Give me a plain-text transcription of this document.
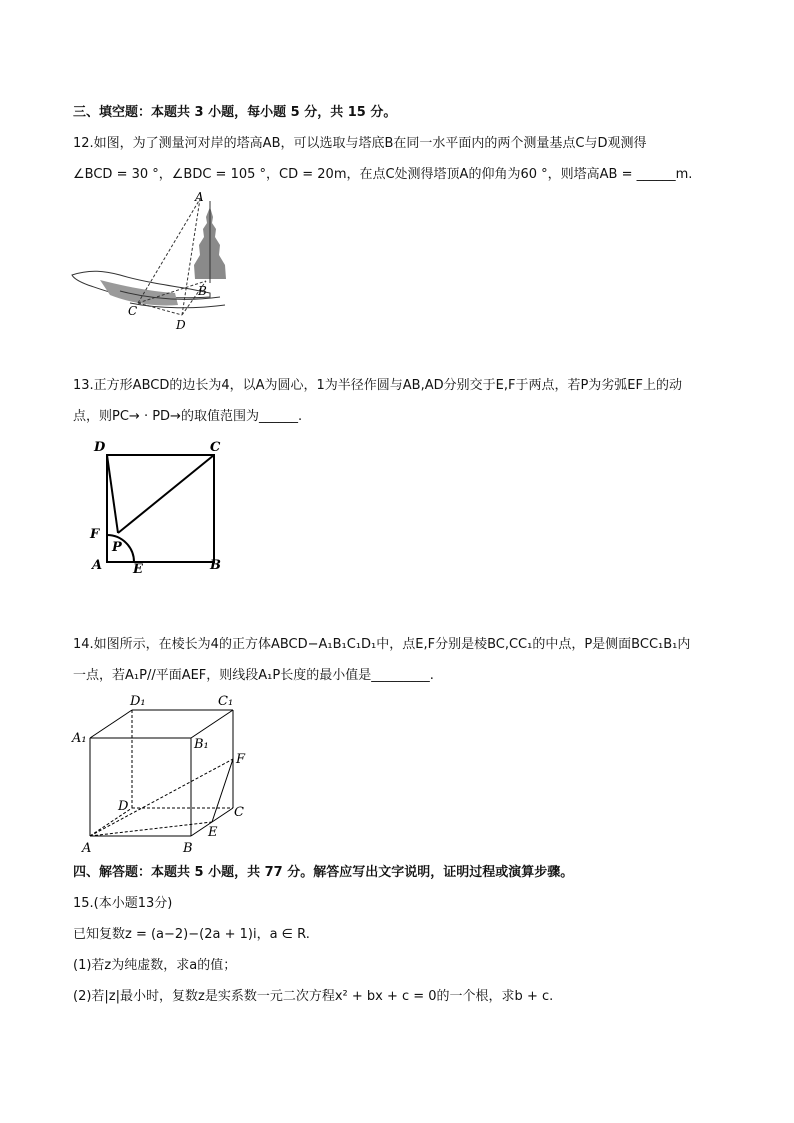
三、填空题：本题共 3 小题，每小题 5 分，共 15 分。
12.如图，为了测量河对岸的塔高AB，可以选取与塔底B在同一水平面内的两个测量基点C与D观测得
∠BCD = 30 °，∠BDC = 105 °，CD = 20m，在点C处测得塔顶A的仰角为60 °，则塔高AB = ______m.
A
B
C
D
13.正方形ABCD的边长为4，以A为圆心，1为半径作圆与AB,AD分别交于E,F于两点，若P为劣弧EF上的动
点，则PC→ · PD→的取值范围为______.
D	C
F
P
A E	B
14.如图所示，在棱长为4的正方体ABCD−A₁B₁C₁D₁中，点E,F分别是棱BC,CC₁的中点，P是侧面BCC₁B₁内
一点，若A₁P//平面AEF，则线段A₁P长度的最小值是_________.
D₁	C₁
A₁	B₁
F
D	C
E
A	B
四、解答题：本题共 5 小题，共 77 分。解答应写出文字说明，证明过程或演算步骤。
15.(本小题13分)
已知复数z = (a−2)−(2a + 1)i，a ∈ R.
(1)若z为纯虚数，求a的值；
(2)若|z|最小时，复数z是实系数一元二次方程x² + bx + c = 0的一个根，求b + c.
